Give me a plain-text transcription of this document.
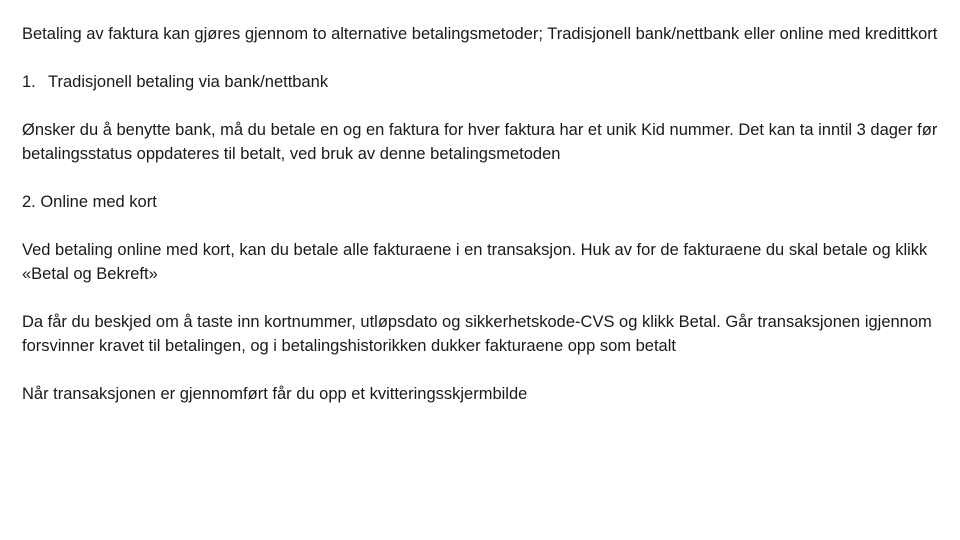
Betaling av faktura kan gjøres gjennom to alternative betalingsmetoder; Tradisjonell bank/nettbank eller online med kredittkort

1. Tradisjonell betaling via bank/nettbank

Ønsker du å benytte bank, må du betale en og en faktura for hver faktura har et unik Kid nummer. Det kan ta inntil 3 dager før betalingsstatus oppdateres til betalt, ved bruk av denne betalingsmetoden

2. Online med kort

Ved betaling online med kort, kan du betale alle fakturaene i en transaksjon. Huk av for de fakturaene du skal betale og klikk «Betal og Bekreft»

Da får du beskjed om å taste inn kortnummer, utløpsdato og sikkerhetskode-CVS og klikk Betal. Går transaksjonen igjennom forsvinner kravet til betalingen, og i betalingshistorikken dukker fakturaene opp som betalt

Når transaksjonen er gjennomført får du opp et kvitteringsskjermbilde
